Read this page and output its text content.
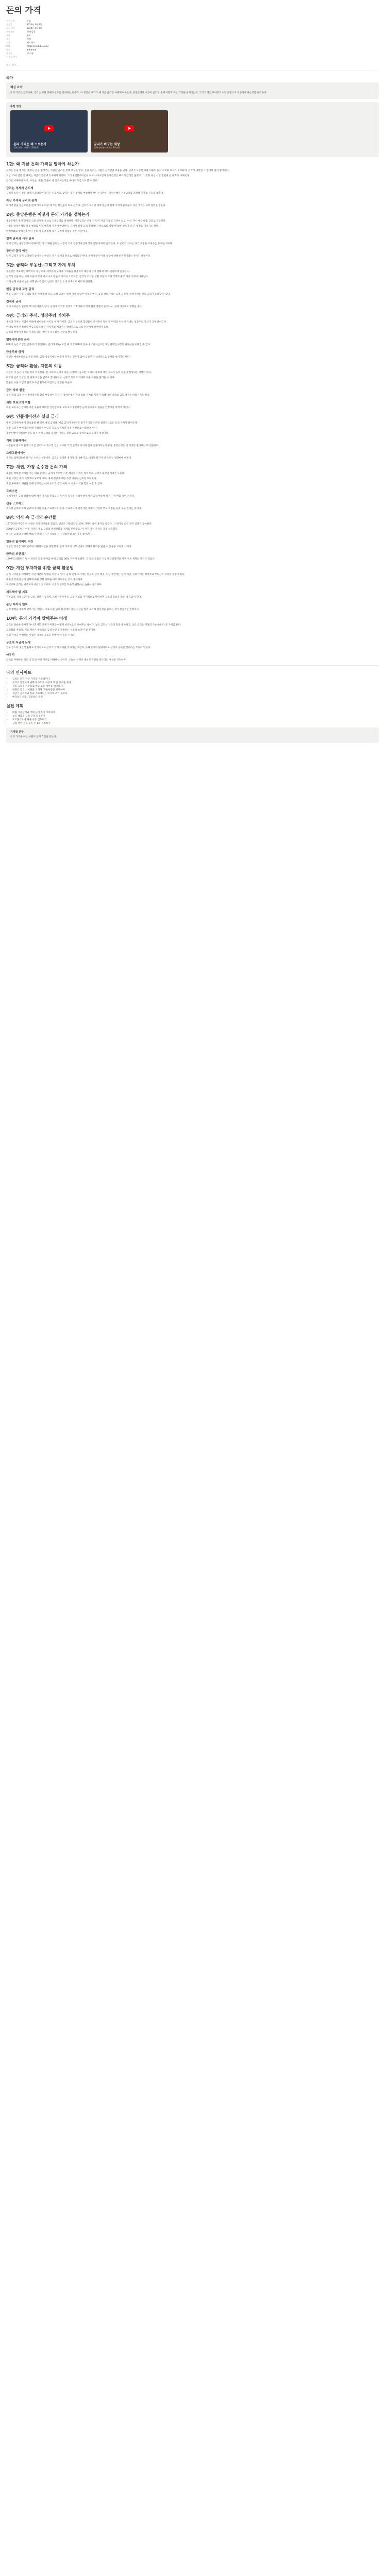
돈의 가격
우선 순위	중요
생성일	2024년 4월 9일
최근 편집	2024년 4월 9일
카테고리	경제/금융
상태	완료
태그	경제
저자	팩트체크
URL	https://youtube.com/
평점	★★★★★
작성자	빈 이름
+ 속성 추가

댓글 추가...

목차
핵심 요약

돈의 가격은 금리이며, 금리는 경제 전체의 온도를 결정하는 변수다. 이 영상은 우리가 왜 지금 금리를 이해해야 하는지, 중앙은행과 시장이 금리를 통해 어떻게 자산 가격을 움직이는지, 그리고 개인 투자자가 어떤 관점으로 대응해야 하는지를 정리한다.

추천 영상
돈의 가격은 왜 오르는가
경제 다큐 · 조회수 120만회
금리가 바꾸는 세상
경제 인터뷰 · 조회수 85만회
1편: 왜 지금 돈의 가격을 알아야 하는가

금리는 돈을 빌리는 대가다. 돈을 빌려주는 사람은 금리를 통해 보상을 받고, 돈을 빌리는 사람은 금리만큼 비용을 낸다. 금리가 오르면 대출 비용이 늘고 소비와 투자가 위축되며, 금리가 내리면 그 반대의 일이 벌어진다.

지난 10여 년간 전 세계는 저금리 환경에 익숙해져 있었다. 그러나 인플레이션이 다시 나타나면서 중앙은행은 빠르게 금리를 올렸고, 그 결과 자산 시장 전반에 큰 변화가 나타났다.

금리를 이해하면 주식, 부동산, 채권, 환율이 왜 움직이는지를 하나의 흐름으로 볼 수 있다.

금리는 경제의 온도계

금리가 높다는 것은 경제가 과열되어 있다는 신호이고, 낮다는 것은 경기를 부양해야 한다는 의미다. 중앙은행은 기준금리를 조절해 경제의 온도를 맞춘다.

자산 가격과 금리의 관계

미래에 받을 현금흐름을 현재 가치로 바꿀 때 쓰는 할인율이 바로 금리다. 금리가 오르면 미래 현금의 현재 가치가 줄어들어 자산 가격은 하락 압력을 받는다.

2편: 중앙은행은 어떻게 돈의 가격을 정하는가

중앙은행은 물가 안정과 고용 안정을 목표로 기준금리를 결정한다. 기준금리는 은행 간 단기 자금 거래의 기준이 되고, 이는 다시 예금·대출 금리로 전달된다.

시장은 중앙은행의 다음 행보를 미리 예측해 가격에 반영한다. 그래서 실제 금리 결정보다 '앞으로의 방향'에 대한 신호가 더 큰 영향을 미치기도 한다.

양적완화와 양적긴축 역시 돈의 양을 조절해 장기 금리에 영향을 주는 수단이다.

정책 금리와 시장 금리

정책 금리는 중앙은행이 정하지만, 장기 채권 금리는 시장의 기대 인플레이션과 성장 전망에 따라 움직인다. 두 금리의 차이는 경기 전망을 보여주는 중요한 지표다.

장단기 금리 역전

단기 금리가 장기 금리보다 높아지는 현상은 경기 침체의 전조로 해석되곤 한다. 투자자들이 미래 성장에 대해 비관적이라는 뜻이기 때문이다.

3편: 금리와 부동산, 그리고 가계 부채

부동산은 대표적인 레버리지 자산이다. 대부분의 구매자가 대출을 활용하기 때문에 금리 변화에 매우 민감하게 반응한다.

금리가 낮을 때는 이자 부담이 적어 매수 수요가 늘고 가격이 오르지만, 금리가 오르면 상환 부담이 커져 거래가 줄고 가격 조정이 나타난다.

가계 부채 비율이 높은 사회일수록 금리 인상의 충격은 소비 위축으로 빠르게 번진다.

변동 금리와 고정 금리

변동 금리는 시장 금리를 따라 이자가 바뀌고, 고정 금리는 일정 기간 동일한 이자를 낸다. 금리 상승기에는 고정 금리가, 하락기에는 변동 금리가 유리할 수 있다.

전세와 금리

전세 보증금은 일종의 무이자 대출과 같다. 금리가 오르면 전세의 기회비용이 커져 월세 전환이 늘어나고, 전세 가격에도 영향을 준다.

4편: 금리와 주식, 성장주와 가치주

주식의 가치는 기업이 미래에 벌어들일 이익의 현재 가치다. 금리가 오르면 할인율이 커지면서 특히 먼 미래의 이익에 기대는 성장주의 가치가 크게 줄어든다.

반대로 현재 안정적인 현금흐름을 내는 가치주와 배당주는 상대적으로 금리 인상기에 방어력이 높다.

금리의 방향이 바뀌는 시점을 읽는 것이 투자 스타일 전환의 핵심이다.

밸류에이션과 금리

PER이 높은 기업은 금리에 더 민감하다. 금리가 1%p 오를 때 적정 PER이 얼마나 낮아지는지를 계산해보면 시장의 변동성을 이해할 수 있다.

금융주와 금리

은행은 예대마진으로 돈을 번다. 금리 상승기에는 마진이 커지는 경우가 많아 금융주가 상대적으로 강세를 보이기도 한다.

5편: 금리와 환율, 자본의 이동

자본은 더 높은 수익을 찾아 이동한다. 한 나라의 금리가 다른 나라보다 높으면 그 나라 통화에 대한 수요가 늘어 환율이 절상되는 경향이 있다.

미국의 금리 인상은 전 세계 자금을 달러로 끌어들이고, 신흥국 통화의 약세와 자본 유출을 불러올 수 있다.

환율은 수출 기업의 실적과 수입 물가에 직접적인 영향을 미친다.

금리 차와 환율

두 나라의 금리 차가 벌어질수록 환율 변동성이 커진다. 중앙은행은 자국 통화 가치를 지키기 위해 다른 나라의 금리 결정을 따라가기도 한다.

외환 보유고의 역할

외환 보유고는 급격한 자본 유출에 대비한 안전판이다. 보유고가 충분하면 금리 충격에도 환율을 안정시킬 여력이 생긴다.

6편: 인플레이션과 실질 금리

명목 금리에서 물가 상승률을 뺀 것이 실질 금리다. 예금 금리가 3%라도 물가가 5% 오르면 실질적으로는 돈의 가치가 줄어든다.

실질 금리가 마이너스일 때 사람들은 현금을 들고 있기보다 실물 자산으로 이동하려 한다.

중앙은행이 인플레이션을 잡기 위해 금리를 올리는 이유도 실질 금리를 플러스로 되돌리기 위함이다.

기대 인플레이션

사람들이 앞으로 물가가 오를 것이라고 믿으면 임금 요구와 가격 인상이 이어져 실제 인플레이션이 된다. 중앙은행은 이 기대를 관리하는 데 집중한다.

스태그플레이션

경기는 침체되는데 물가는 오르는 상황이다. 금리를 올리면 경기가 더 나빠지고, 내리면 물가가 더 오르는 딜레마에 빠진다.

7편: 채권, 가장 순수한 돈의 가격

채권은 정해진 이자를 주는 대출 증서다. 금리가 오르면 기존 채권의 가격은 떨어지고, 금리가 내리면 가격은 오른다.

채권 시장은 주식 시장보다 규모가 크며, 경제 전망에 대한 가장 냉정한 신호를 보여준다.

개인 투자자도 채권을 통해 안정적인 이자 수익과 금리 하락 시 시세 차익을 함께 노릴 수 있다.

듀레이션

듀레이션은 금리 변화에 대한 채권 가격의 민감도다. 만기가 길수록 듀레이션이 커져 금리 변동에 따른 가격 변화 폭이 커진다.

신용 스프레드

회사채 금리와 국채 금리의 차이를 신용 스프레드라 한다. 스프레드가 벌어지면 시장이 기업의 부도 위험을 높게 보고 있다는 뜻이다.

8편: 역사 속 금리의 순간들

1970년대 미국은 두 자릿수 인플레이션을 겪었고, 연준은 기준금리를 20% 가까이 올려 물가를 잡았다. 그 대가로 깊은 경기 침체가 찾아왔다.

2008년 금융위기 이후 각국은 제로 금리와 양적완화로 경제를 떠받쳤고, 이 시기 자산 가격은 크게 상승했다.

역사는 금리의 급격한 변화가 언제나 자산 시장의 큰 전환점이었다는 것을 보여준다.

일본의 잃어버린 시간

일본은 장기간 제로 금리와 디플레이션을 경험했다. 돈의 가격이 너무 낮아도 경제가 활력을 잃을 수 있음을 보여준 사례다.

한국의 외환위기

1997년 외환위기 당시 한국은 환율 방어를 위해 금리를 30% 가까이 올렸다. 그 결과 수많은 기업이 도산했지만 이후 구조 개혁의 계기가 되었다.

9편: 개인 투자자를 위한 금리 활용법

금리 사이클을 이해하면 자산 배분의 방향을 정할 수 있다. 금리 인상 초기에는 현금과 단기 채권, 인상 후반에는 장기 채권, 인하기에는 성장주와 부동산이 유리한 경향이 있다.

대출이 있다면 금리 변화에 따른 상환 계획을 미리 세워두는 것이 중요하다.

무엇보다 금리는 예측보다 대응의 영역이다. 시장의 신호를 꾸준히 관찰하는 습관이 필요하다.

체크해야 할 지표

기준금리, 국채 10년물 금리, 장단기 금리차, 소비자물가지수, 고용 지표를 주기적으로 확인하면 금리의 흐름을 읽는 데 도움이 된다.

분산 투자의 원칙

금리 방향을 정확히 맞히기는 어렵다. 서로 다른 금리 환경에서 강한 자산을 함께 보유해 변동성을 줄이는 것이 현실적인 전략이다.

10편: 돈의 가격이 말해주는 미래

금리는 단순한 숫자가 아니라 사회 전체가 미래를 어떻게 바라보는지 보여주는 창이다. 높은 금리는 지금의 돈을 중시하고, 낮은 금리는 미래의 가능성에 더 큰 가치를 둔다.

고령화와 저성장, 기술 혁신은 앞으로의 금리 수준을 결정하는 구조적 요인이 될 것이다.

돈의 가격을 이해하는 사람은 경제의 흐름을 한발 앞서 읽을 수 있다.

구조적 저금리 논쟁

인구 감소와 생산성 둔화로 장기적으로 금리가 낮게 유지될 것이라는 주장과, 부채 증가와 탈세계화로 금리가 높아질 것이라는 주장이 맞선다.

마무리

금리를 이해하는 것은 곧 돈의 시간 가치를 이해하는 것이다. 오늘의 선택이 내일의 자산을 만든다는 사실을 기억하자.

나의 인사이트
• 금리는 모든 자산 가격의 기준점이다.
• 금리의 방향보다 변화의 속도가 시장에 더 큰 충격을 준다.
• 실질 금리를 기준으로 현금 보유 여부를 판단하자.
• 대출은 금리 사이클을 고려해 고정/변동을 선택하자.
• 장단기 금리차와 신용 스프레드는 위기의 조기 경보다.
• 예측보다 대응, 집중보다 분산.
실천 계획
• 매월 기준금리와 국채 금리 추이 기록하기
• 보유 대출의 금리 구조 점검하기
• 포트폴리오에 채권 비중 검토하기
• 금리 관련 경제 뉴스 주 1회 정리하기
기억할 문장

돈의 가격을 아는 사람이 돈의 흐름을 읽는다.
